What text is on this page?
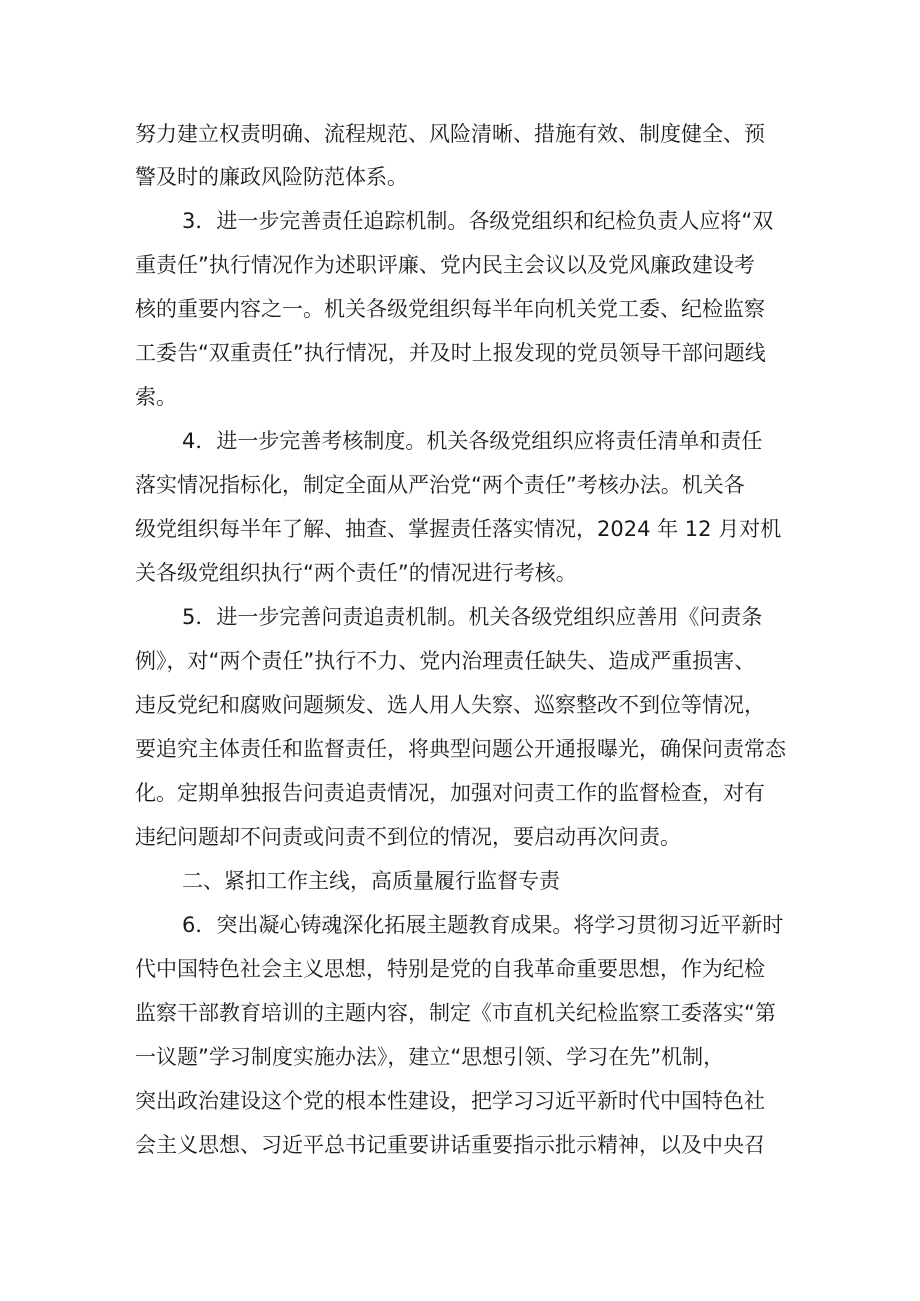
努力建立权责明确、流程规范、风险清晰、措施有效、制度健全、预
警及时的廉政风险防范体系。
3．进一步完善责任追踪机制。各级党组织和纪检负责人应将“双
重责任”执行情况作为述职评廉、党内民主会议以及党风廉政建设考
核的重要内容之一。机关各级党组织每半年向机关党工委、纪检监察
工委告“双重责任”执行情况，并及时上报发现的党员领导干部问题线
索。
4．进一步完善考核制度。机关各级党组织应将责任清单和责任
落实情况指标化，制定全面从严治党“两个责任”考核办法。机关各
级党组织每半年了解、抽查、掌握责任落实情况，2024 年 12 月对机
关各级党组织执行“两个责任”的情况进行考核。
5．进一步完善问责追责机制。机关各级党组织应善用《问责条
例》，对“两个责任”执行不力、党内治理责任缺失、造成严重损害、
违反党纪和腐败问题频发、选人用人失察、巡察整改不到位等情况，
要追究主体责任和监督责任，将典型问题公开通报曝光，确保问责常态
化。定期单独报告问责追责情况，加强对问责工作的监督检查，对有
违纪问题却不问责或问责不到位的情况，要启动再次问责。
二、紧扣工作主线，高质量履行监督专责
6．突出凝心铸魂深化拓展主题教育成果。将学习贯彻习近平新时
代中国特色社会主义思想，特别是党的自我革命重要思想，作为纪检
监察干部教育培训的主题内容，制定《市直机关纪检监察工委落实“第
一议题”学习制度实施办法》，建立“思想引领、学习在先”机制，
突出政治建设这个党的根本性建设，把学习习近平新时代中国特色社
会主义思想、习近平总书记重要讲话重要指示批示精神，以及中央召
